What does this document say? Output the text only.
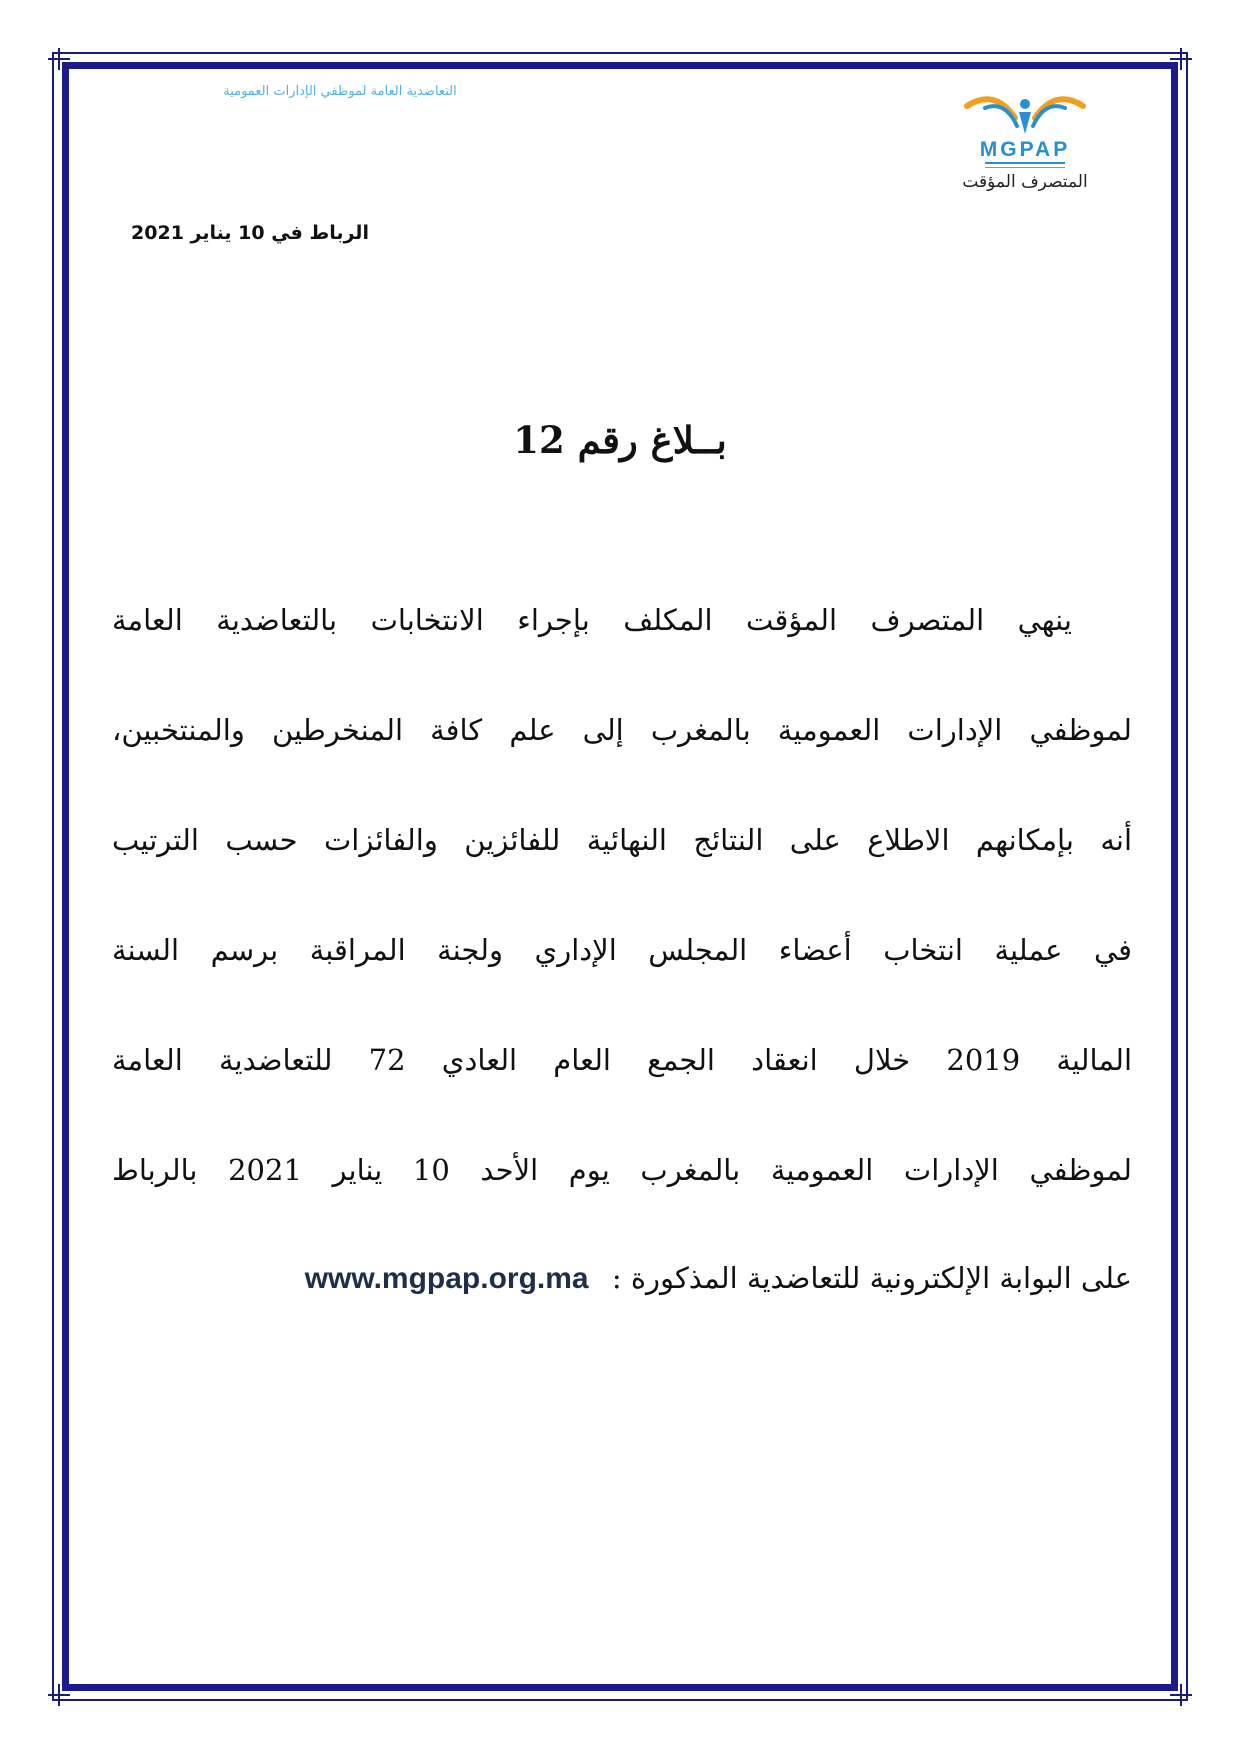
التعاضدية العامة لموظفي الإدارات العمومية
MGPAP
المتصرف المؤقت
الرباط في 10 يناير 2021
بــلاغ رقم 12
ينهي المتصرف المؤقت المكلف بإجراء الانتخابات بالتعاضدية العامة
لموظفي الإدارات العمومية بالمغرب إلى علم كافة المنخرطين والمنتخبين،
أنه بإمكانهم الاطلاع على النتائج النهائية للفائزين والفائزات حسب الترتيب
في عملية انتخاب أعضاء المجلس الإداري ولجنة المراقبة برسم السنة
المالية 2019 خلال انعقاد الجمع العام العادي 72 للتعاضدية العامة
لموظفي الإدارات العمومية بالمغرب يوم الأحد 10 يناير 2021 بالرباط
على البوابة الإلكترونية للتعاضدية المذكورة : www.mgpap.org.ma
